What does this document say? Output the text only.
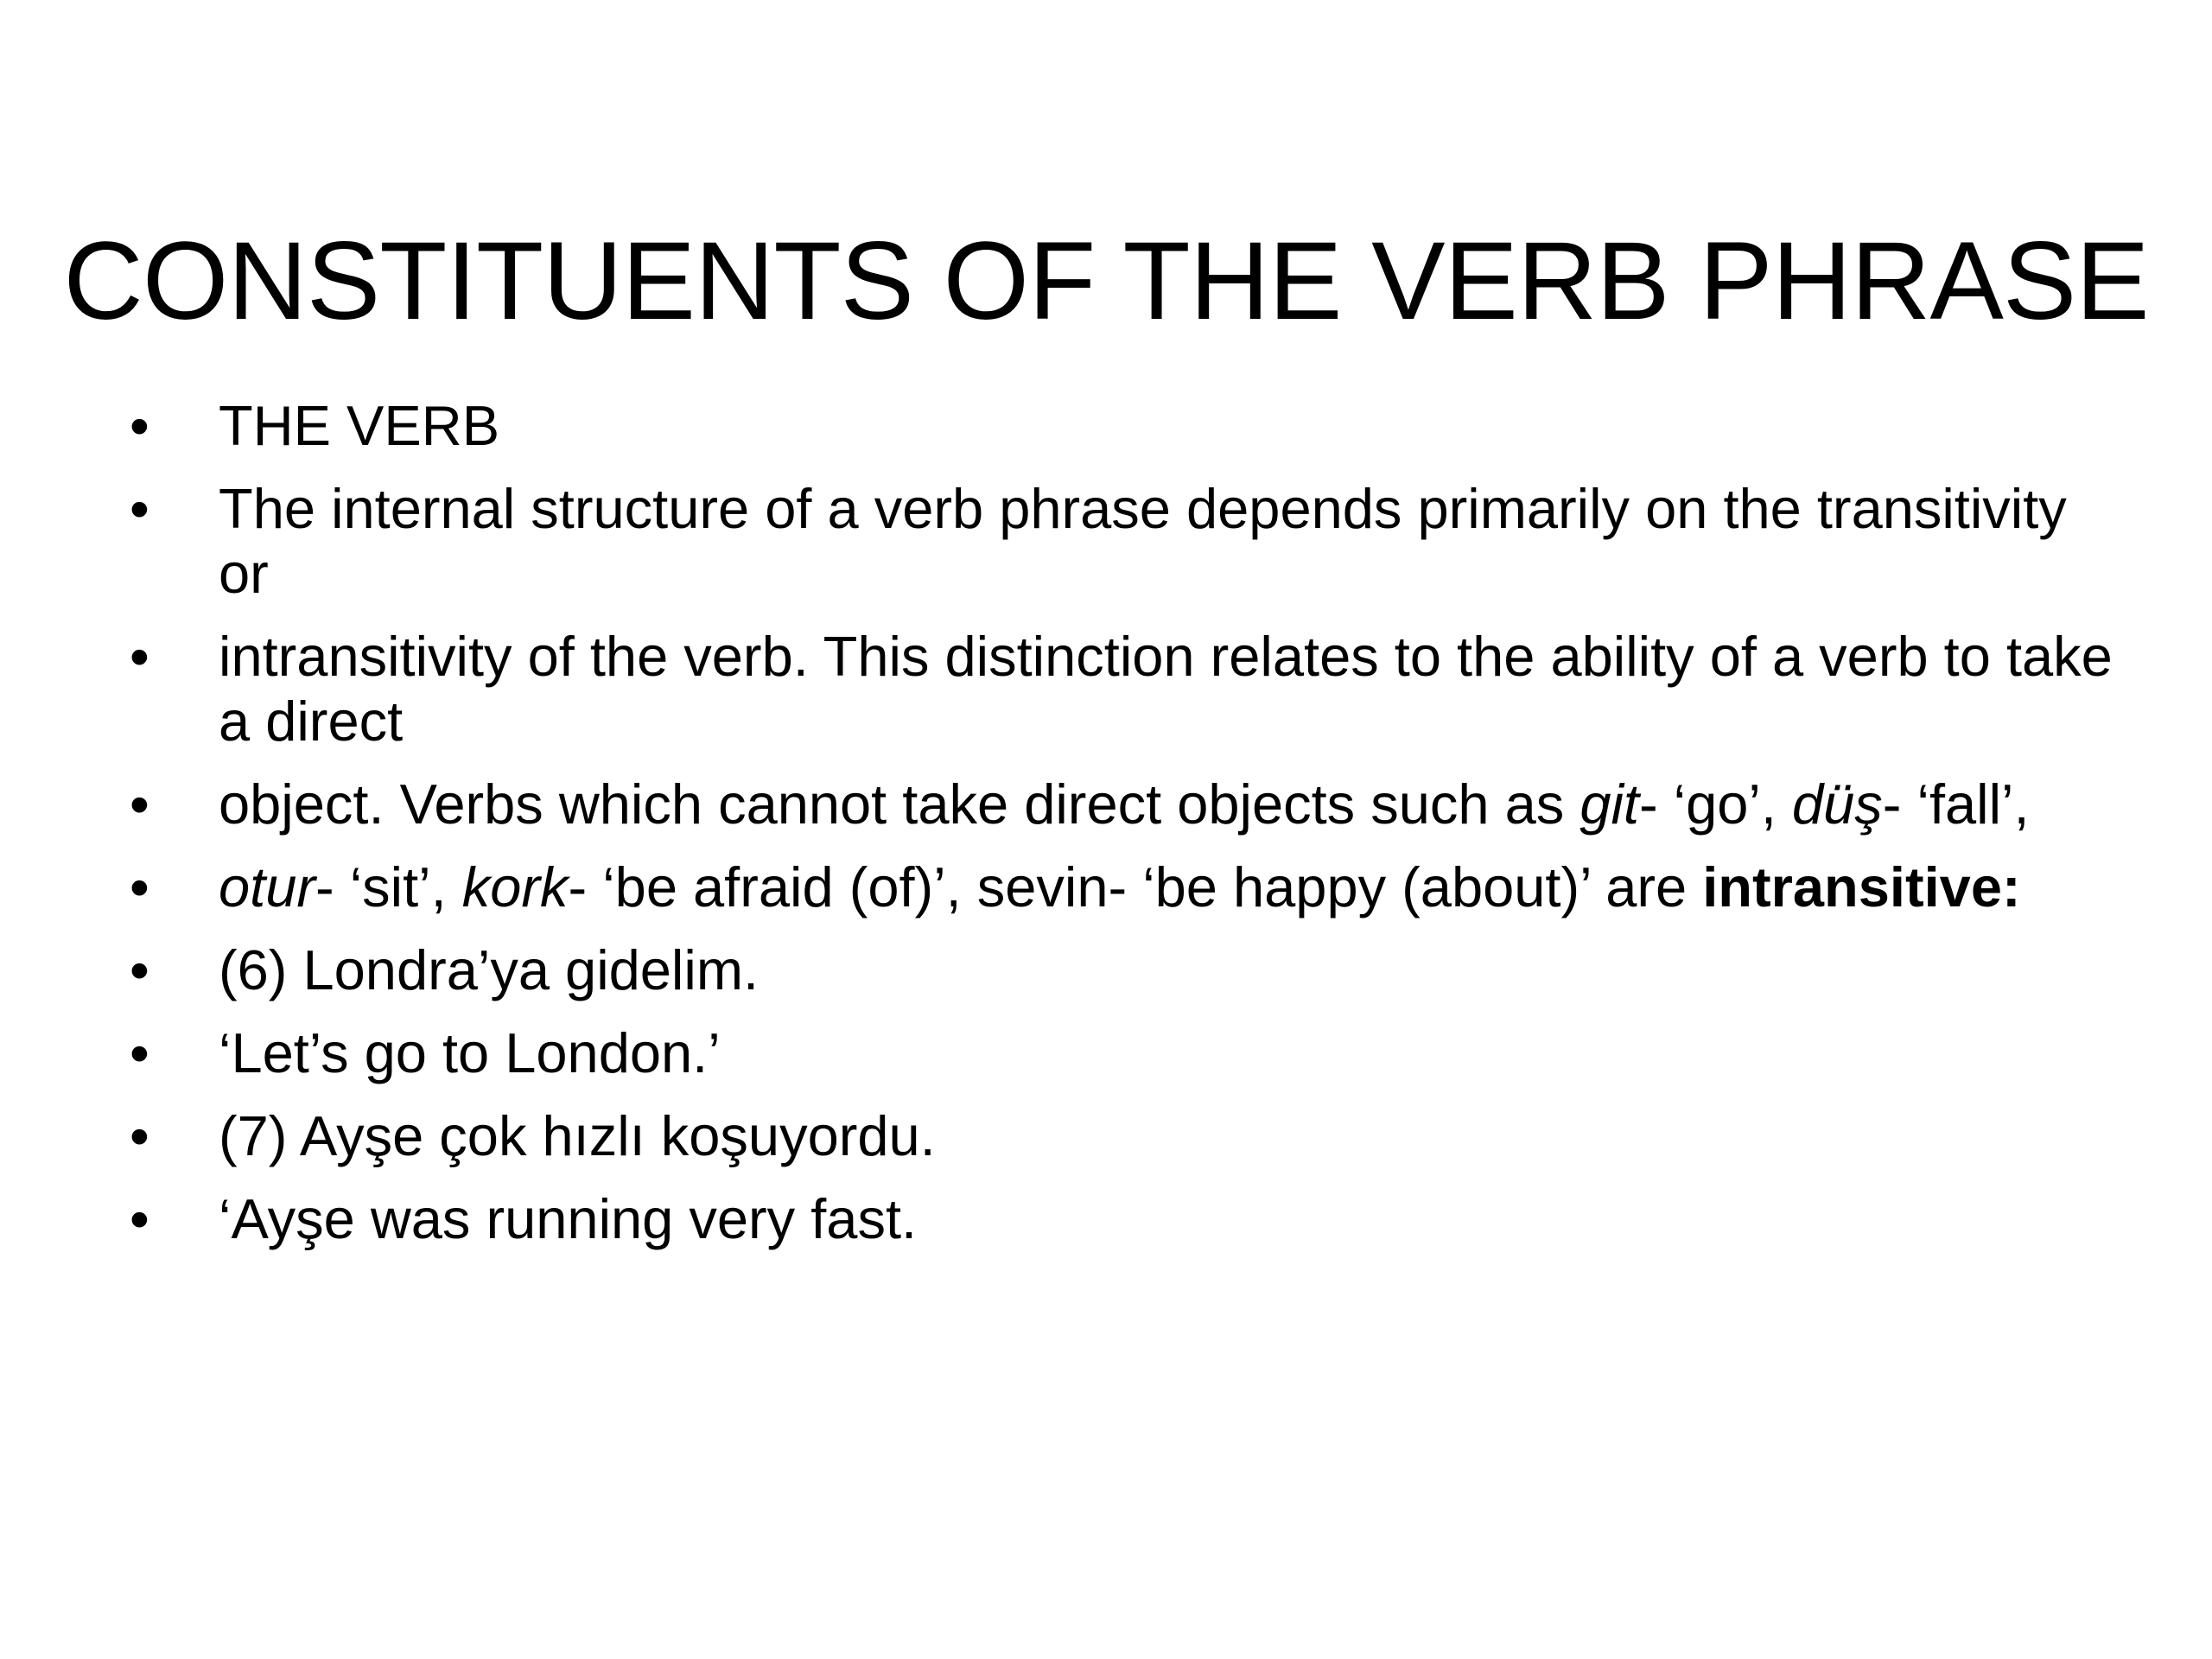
CONSTITUENTS OF THE VERB PHRASE
• THE VERB
• The internal structure of a verb phrase depends primarily on the transitivity or
• intransitivity of the verb. This distinction relates to the ability of a verb to take a direct
• object. Verbs which cannot take direct objects such as git- ‘go’, düş- ‘fall’,
• otur- ‘sit’, kork- ‘be afraid (of)’, sevin- ‘be happy (about)’ are intransitive:
• (6) Londra’ya gidelim.
• ‘Let’s go to London.’
• (7) Ayşe çok hızlı koşuyordu.
• ‘Ayşe was running very fast.
